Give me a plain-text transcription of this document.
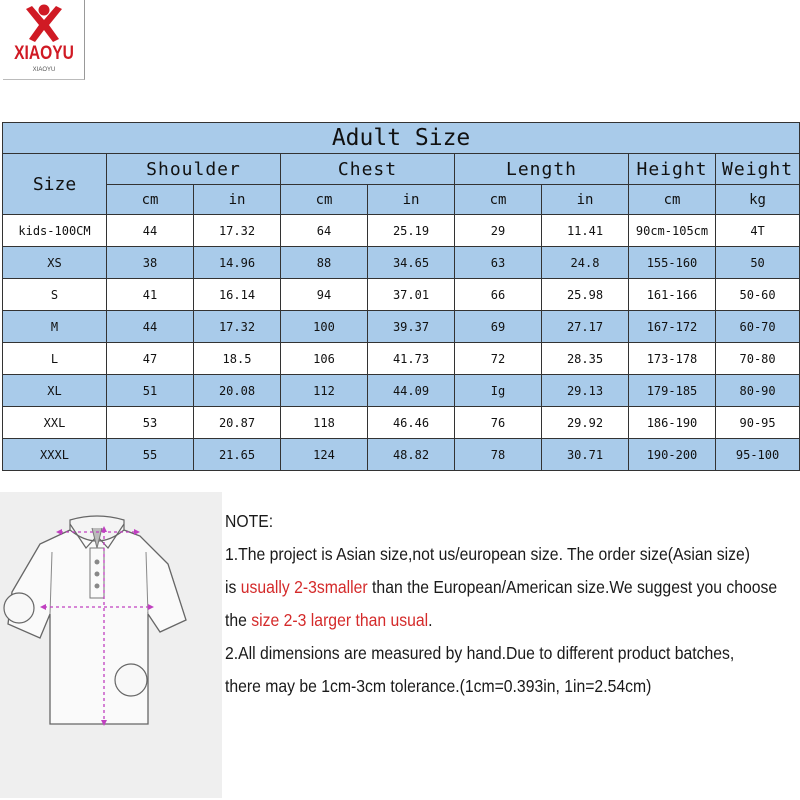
XIAOYU
XIAOYU
Adult Size								
Size	Shoulder		Chest		Length		Height	Weight
	cm	in	cm	in	cm	in	cm	kg
kids-100CM	44	17.32	64	25.19	29	11.41	90cm-105cm	4T
XS	38	14.96	88	34.65	63	24.8	155-160	50
S	41	16.14	94	37.01	66	25.98	161-166	50-60
M	44	17.32	100	39.37	69	27.17	167-172	60-70
L	47	18.5	106	41.73	72	28.35	173-178	70-80
XL	51	20.08	112	44.09	Ig	29.13	179-185	80-90
XXL	53	20.87	118	46.46	76	29.92	186-190	90-95
XXXL	55	21.65	124	48.82	78	30.71	190-200	95-100
NOTE:
1.The project is Asian size,not us/european size. The order size(Asian size)
is usually 2-3smaller than the European/American size.We suggest you choose
the size 2-3 larger than usual.
2.All dimensions are measured by hand.Due to different product batches,
there may be 1cm-3cm tolerance.(1cm=0.393in, 1in=2.54cm)
